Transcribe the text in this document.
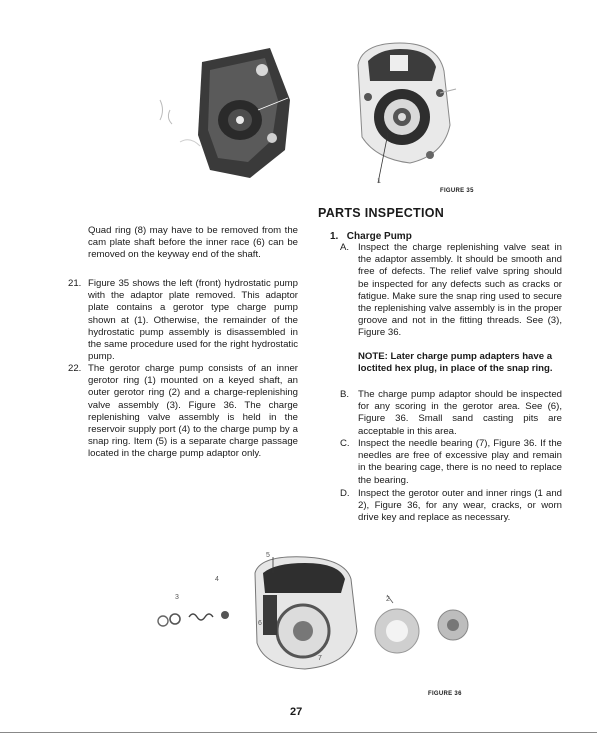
1
FIGURE 35
PARTS INSPECTION
1. Charge Pump
A. Inspect the charge replenishing valve seat in the adaptor assembly. It should be smooth and free of defects. The relief valve spring should be inspected for any defects such as cracks or fatigue. Make sure the snap ring used to secure the replenishing valve assembly is in the proper groove and not in the fitting threads. See (3), Figure 36.
NOTE: Later charge pump adapters have a loctited hex plug, in place of the snap ring.
B. The charge pump adaptor should be inspected for any scoring in the gerotor area. See (6), Figure 36. Small sand casting pits are acceptable in this area.
C. Inspect the needle bearing (7), Figure 36. If the needles are free of excessive play and remain in the bearing cage, there is no need to replace the bearing.
D. Inspect the gerotor outer and inner rings (1 and 2), Figure 36, for any wear, cracks, or worn drive key and replace as necessary.
Quad ring (8) may have to be removed from the cam plate shaft before the inner race (6) can be removed on the keyway end of the shaft.
21. Figure 35 shows the left (front) hydrostatic pump with the adaptor plate removed. This adaptor plate contains a gerotor type charge pump shown at (1). Otherwise, the remainder of the hydrostatic pump assembly is disassembled in the same procedure used for the right hydrostatic pump.
22. The gerotor charge pump consists of an inner gerotor ring (1) mounted on a keyed shaft, an outer gerotor ring (2) and a charge-replenishing valve assembly (3). Figure 36. The charge replenishing valve assembly is held in the reservoir supply port (4) to the charge pump by a snap ring. Item (5) is a separate charge passage located in the charge pump adaptor only.
3
4
5
6
7
2
FIGURE 36
27
